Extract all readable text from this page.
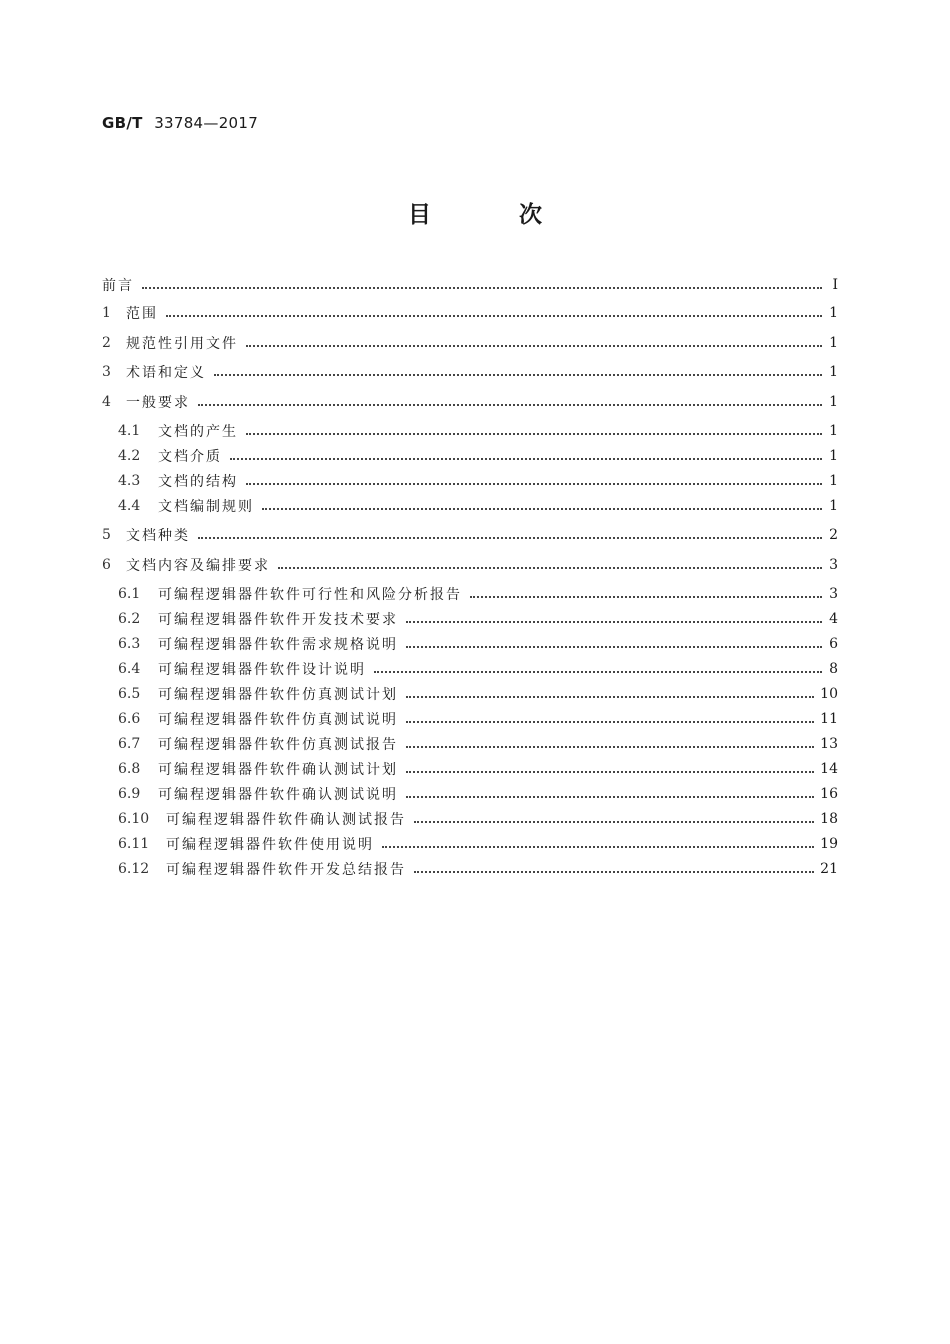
GB/T 33784—2017
目 次
前言	I
1	范围	1
2	规范性引用文件	1
3	术语和定义	1
4	一般要求	1
4.1	文档的产生	1
4.2	文档介质	1
4.3	文档的结构	1
4.4	文档编制规则	1
5	文档种类	2
6	文档内容及编排要求	3
6.1	可编程逻辑器件软件可行性和风险分析报告	3
6.2	可编程逻辑器件软件开发技术要求	4
6.3	可编程逻辑器件软件需求规格说明	6
6.4	可编程逻辑器件软件设计说明	8
6.5	可编程逻辑器件软件仿真测试计划	10
6.6	可编程逻辑器件软件仿真测试说明	11
6.7	可编程逻辑器件软件仿真测试报告	13
6.8	可编程逻辑器件软件确认测试计划	14
6.9	可编程逻辑器件软件确认测试说明	16
6.10	可编程逻辑器件软件确认测试报告	18
6.11	可编程逻辑器件软件使用说明	19
6.12	可编程逻辑器件软件开发总结报告	21
